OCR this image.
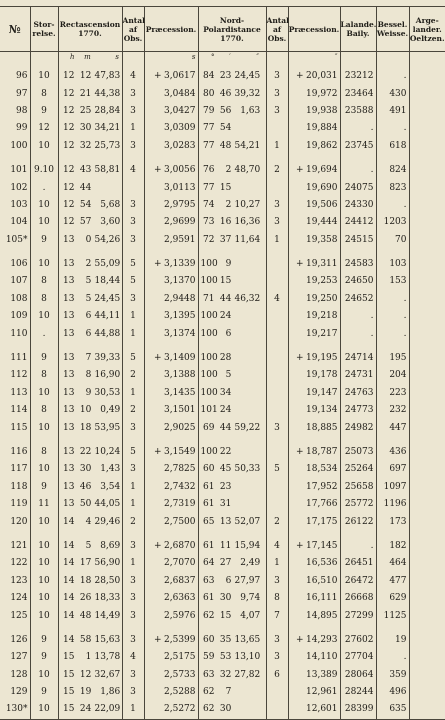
№	Stor-relse.	Rectascension 1770.	Antal af Obs.	Præcession.	Nord-Polardistance 1770.	Antal af Obs.	Præcession.	Lalande. Baily.	Bessel. Weisse.	Arge-lander. Oeltzen.
		h m s		s	° ′ ″		″			

96	10	12 12 47,83	4	+ 3,0617	84 23 24,45	3	+ 20,031	23212	.	
97	8	12 21 44,38	3	3,0484	80 46 39,32	3	19,972	23464	430	
98	9	12 25 28,84	3	3,0427	79 56 1,63	3	19,938	23588	491	
99	12	12 30 34,21	1	3,0309	77 54		19,884	.	.	
100	10	12 32 25,73	3	3,0283	77 48 54,21	1	19,862	23745	618	

101	9.10	12 43 58,81	4	+ 3,0056	76 2 48,70	2	+ 19,694	.	824	
102	.	12 44		3,0113	77 15		19,690	24075	823	
103	10	12 54 5,68	3	2,9795	74 2 10,27	3	19,506	24330	.	
104	10	12 57 3,60	3	2,9699	73 16 16,36	3	19,444	24412	1203	
105*	9	13 0 54,26	3	2,9591	72 37 11,64	1	19,358	24515	70	

106	10	13 2 55,09	5	+ 3,1339	100 9		+ 19,311	24583	103	
107	8	13 5 18,44	5	3,1370	100 15		19,253	24650	153	
108	8	13 5 24,45	3	2,9448	71 44 46,32	4	19,250	24652	.	
109	10	13 6 44,11	1	3,1395	100 24		19,218	.	.	
110	.	13 6 44,88	1	3,1374	100 6		19,217	.	.	

111	9	13 7 39,33	5	+ 3,1409	100 28		+ 19,195	24714	195	
112	8	13 8 16,90	2	3,1388	100 5		19,178	24731	204	
113	10	13 9 30,53	1	3,1435	100 34		19,147	24763	223	
114	8	13 10 0,49	2	3,1501	101 24		19,134	24773	232	
115	10	13 18 53,95	3	2,9025	69 44 59,22	3	18,885	24982	447	

116	8	13 22 10,24	5	+ 3,1549	100 22		+ 18,787	25073	436	
117	10	13 30 1,43	3	2,7825	60 45 50,33	5	18,534	25264	697	
118	9	13 46 3,54	1	2,7432	61 23		17,952	25658	1097	
119	11	13 50 44,05	1	2,7319	61 31		17,766	25772	1196	
120	10	14 4 29,46	2	2,7500	65 13 52,07	2	17,175	26122	173	

121	10	14 5 8,69	3	+ 2,6870	61 11 15,94	4	+ 17,145	.	182	
122	10	14 17 56,90	1	2,7070	64 27 2,49	1	16,536	26451	464	
123	10	14 18 28,50	3	2,6837	63 6 27,97	3	16,510	26472	477	
124	10	14 26 18,33	3	2,6363	61 30 9,74	8	16,111	26668	629	
125	10	14 48 14,49	3	2,5976	62 15 4,07	7	14,895	27299	1125	

126	9	14 58 15,63	3	+ 2,5399	60 35 13,65	3	+ 14,293	27602	19	
127	9	15 1 13,78	4	2,5175	59 53 13,10	3	14,110	27704	.	
128	10	15 12 32,67	3	2,5733	63 32 27,82	6	13,389	28064	359	
129	9	15 19 1,86	3	2,5288	62 7		12,961	28244	496	
130*	10	15 24 22,09	1	2,5272	62 30		12,601	28399	635	
